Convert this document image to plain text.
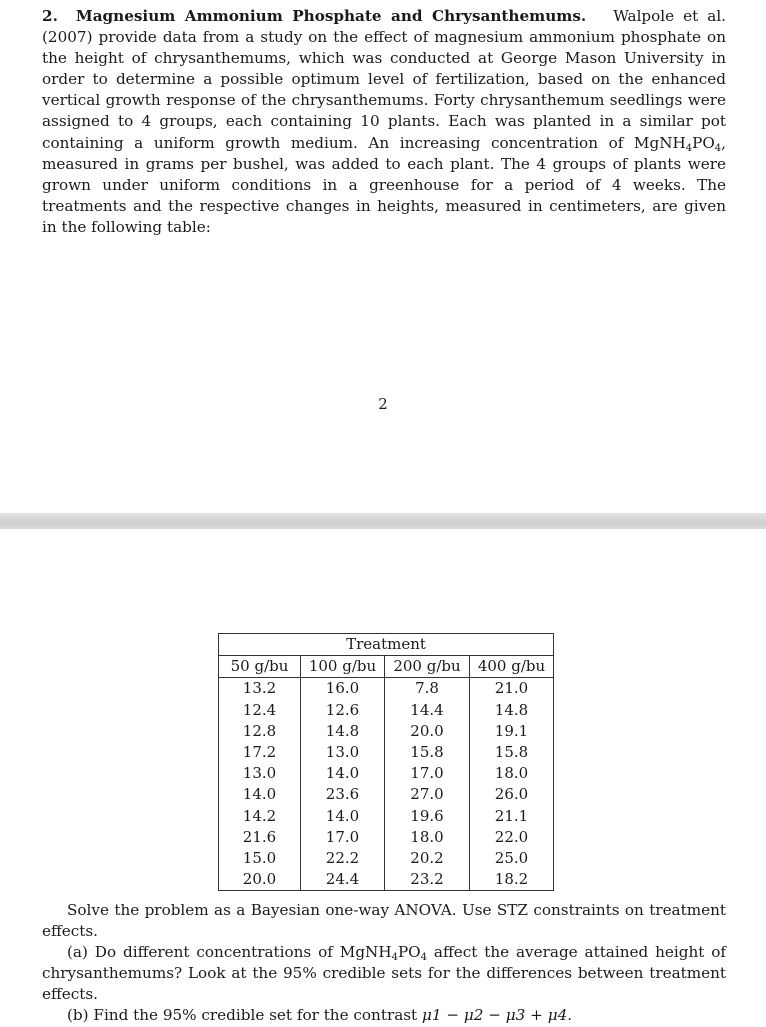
2. Magnesium Ammonium Phosphate and Chrysanthemums. Walpole et al. (2007) provide data from a study on the effect of magnesium ammonium phosphate on the height of chrysanthemums, which was conducted at George Mason University in order to determine a possible optimum level of fertilization, based on the enhanced vertical growth response of the chrysanthemums. Forty chrysanthemum seedlings were assigned to 4 groups, each containing 10 plants. Each was planted in a similar pot containing a uniform growth medium. An increasing concentration of $MgNH_4PO_4$, measured in grams per bushel, was added to each plant. The 4 groups of plants were grown under uniform conditions in a greenhouse for a period of 4 weeks. The treatments and the respective changes in heights, measured in centimeters, are given in the following table:

2
Treatment			
50 g/bu	100 g/bu	200 g/bu	400 g/bu
13.2	16.0	7.8	21.0
12.4	12.6	14.4	14.8
12.8	14.8	20.0	19.1
17.2	13.0	15.8	15.8
13.0	14.0	17.0	18.0
14.0	23.6	27.0	26.0
14.2	14.0	19.6	21.1
21.6	17.0	18.0	22.0
15.0	22.2	20.2	25.0
20.0	24.4	23.2	18.2

Solve the problem as a Bayesian one-way ANOVA. Use STZ constraints on treatment effects.

(a) Do different concentrations of $MgNH_4PO_4$ affect the average attained height of chrysanthemums? Look at the 95% credible sets for the differences between treatment effects.

(b) Find the 95% credible set for the contrast μ1 − μ2 − μ3 + μ4.
